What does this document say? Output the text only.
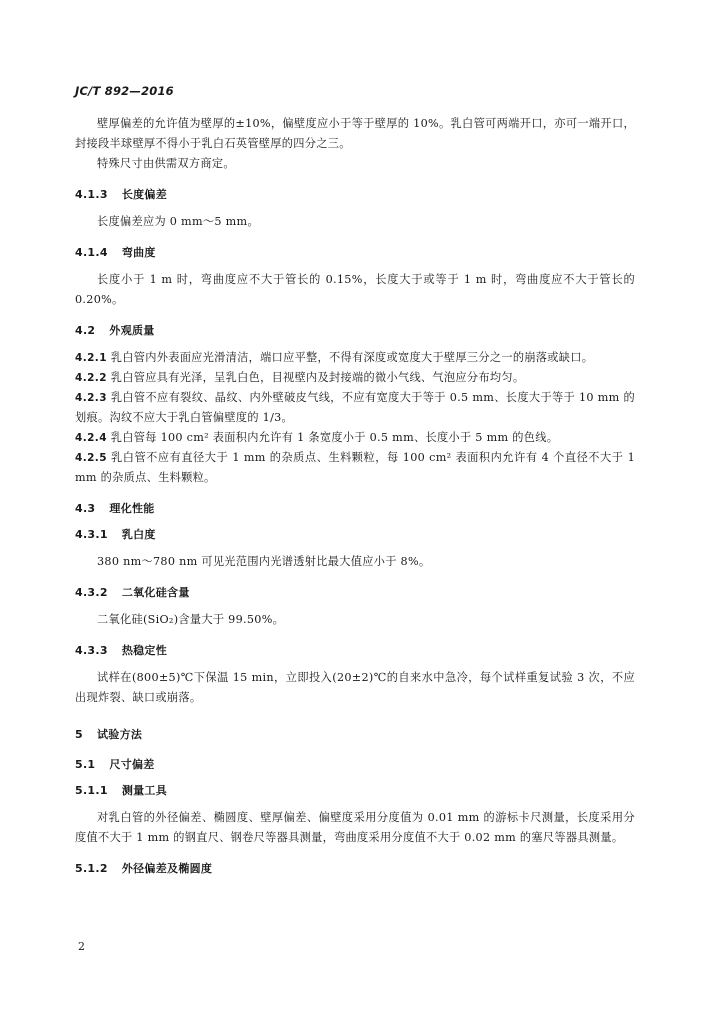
JC/T 892—2016

壁厚偏差的允许值为壁厚的±10%，偏壁度应小于等于壁厚的 10%。乳白管可两端开口，亦可一端开口，封接段半球壁厚不得小于乳白石英管壁厚的四分之三。

特殊尺寸由供需双方商定。

4.1.3 长度偏差

长度偏差应为 0 mm～5 mm。

4.1.4 弯曲度

长度小于 1 m 时，弯曲度应不大于管长的 0.15%，长度大于或等于 1 m 时，弯曲度应不大于管长的 0.20%。

4.2 外观质量

4.2.1 乳白管内外表面应光滑清洁，端口应平整，不得有深度或宽度大于壁厚三分之一的崩落或缺口。

4.2.2 乳白管应具有光泽，呈乳白色，目视壁内及封接端的微小气线、气泡应分布均匀。

4.2.3 乳白管不应有裂纹、晶纹、内外壁破皮气线，不应有宽度大于等于 0.5 mm、长度大于等于 10 mm 的划痕。沟纹不应大于乳白管偏壁度的 1/3。

4.2.4 乳白管每 100 cm² 表面积内允许有 1 条宽度小于 0.5 mm、长度小于 5 mm 的色线。

4.2.5 乳白管不应有直径大于 1 mm 的杂质点、生料颗粒，每 100 cm² 表面积内允许有 4 个直径不大于 1 mm 的杂质点、生料颗粒。

4.3 理化性能

4.3.1 乳白度

380 nm～780 nm 可见光范围内光谱透射比最大值应小于 8%。

4.3.2 二氧化硅含量

二氧化硅(SiO₂)含量大于 99.50%。

4.3.3 热稳定性

试样在(800±5)℃下保温 15 min，立即投入(20±2)℃的自来水中急冷，每个试样重复试验 3 次，不应出现炸裂、缺口或崩落。

5 试验方法

5.1 尺寸偏差

5.1.1 测量工具

对乳白管的外径偏差、椭圆度、壁厚偏差、偏壁度采用分度值为 0.01 mm 的游标卡尺测量，长度采用分度值不大于 1 mm 的钢直尺、钢卷尺等器具测量，弯曲度采用分度值不大于 0.02 mm 的塞尺等器具测量。

5.1.2 外径偏差及椭圆度

2
